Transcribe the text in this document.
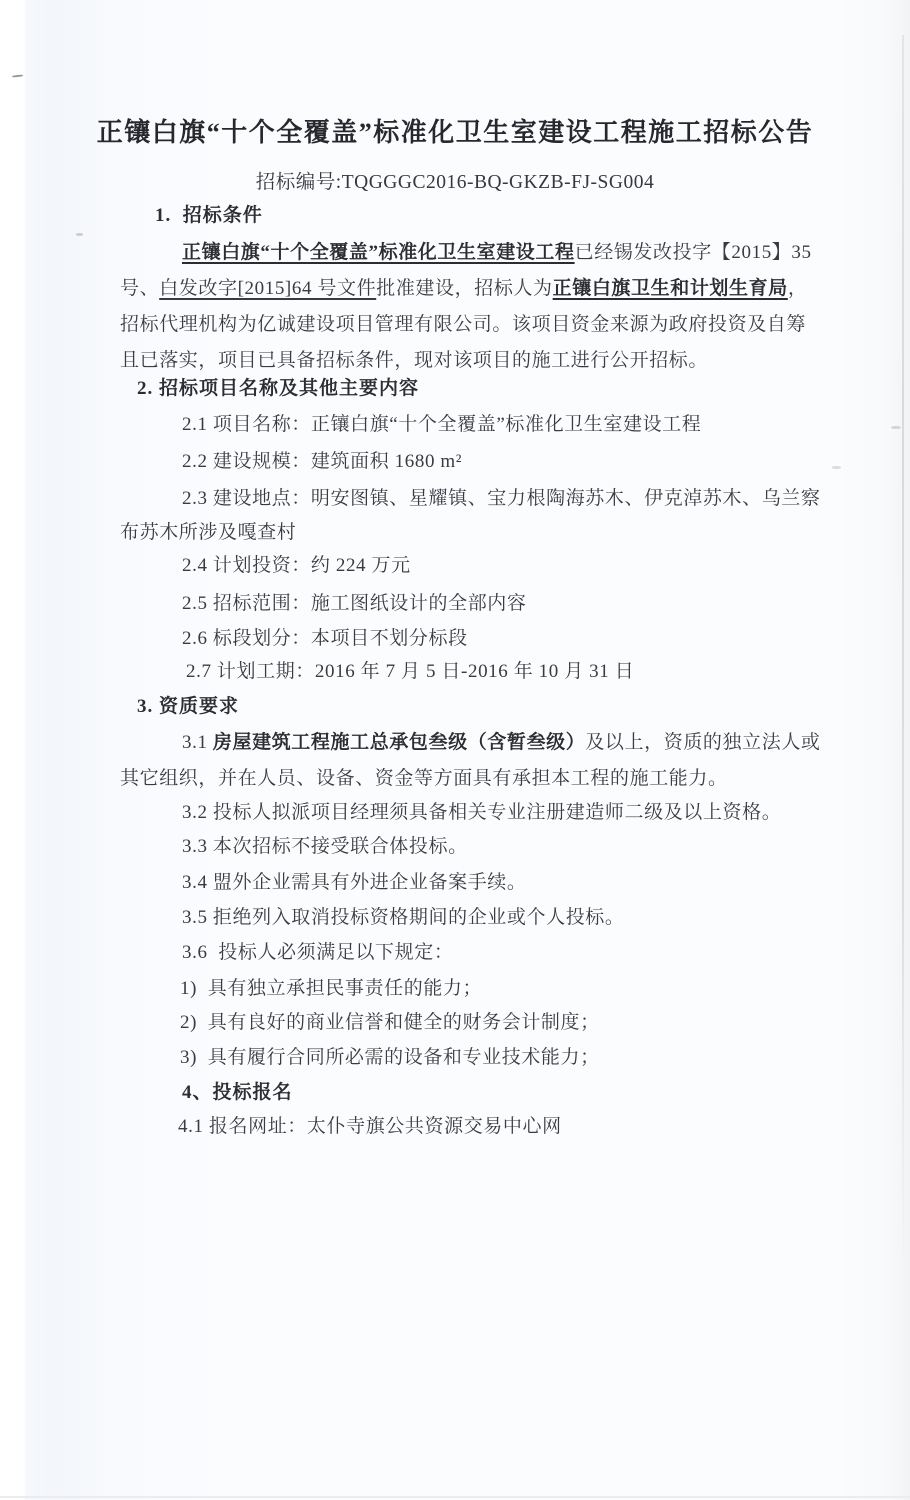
正镶白旗“十个全覆盖”标准化卫生室建设工程施工招标公告
招标编号:TQGGGC2016-BQ-GKZB-FJ-SG004
1.  招标条件
正镶白旗“十个全覆盖”标准化卫生室建设工程已经锡发改投字【2015】35
号、白发改字[2015]64 号文件批准建设，招标人为正镶白旗卫生和计划生育局，
招标代理机构为亿诚建设项目管理有限公司。该项目资金来源为政府投资及自筹
且已落实，项目已具备招标条件，现对该项目的施工进行公开招标。
2. 招标项目名称及其他主要内容
2.1 项目名称：正镶白旗“十个全覆盖”标准化卫生室建设工程
2.2 建设规模：建筑面积 1680 m²
2.3 建设地点：明安图镇、星耀镇、宝力根陶海苏木、伊克淖苏木、乌兰察
布苏木所涉及嘎查村
2.4 计划投资：约 224 万元
2.5 招标范围：施工图纸设计的全部内容
2.6 标段划分：本项目不划分标段
2.7 计划工期：2016 年 7 月 5 日-2016 年 10 月 31 日
3. 资质要求
3.1 房屋建筑工程施工总承包叁级（含暂叁级）及以上，资质的独立法人或
其它组织，并在人员、设备、资金等方面具有承担本工程的施工能力。
3.2 投标人拟派项目经理须具备相关专业注册建造师二级及以上资格。
3.3 本次招标不接受联合体投标。
3.4 盟外企业需具有外进企业备案手续。
3.5 拒绝列入取消投标资格期间的企业或个人投标。
3.6  投标人必须满足以下规定：
1)  具有独立承担民事责任的能力；
2)  具有良好的商业信誉和健全的财务会计制度；
3)  具有履行合同所必需的设备和专业技术能力；
4、投标报名
4.1 报名网址：太仆寺旗公共资源交易中心网
